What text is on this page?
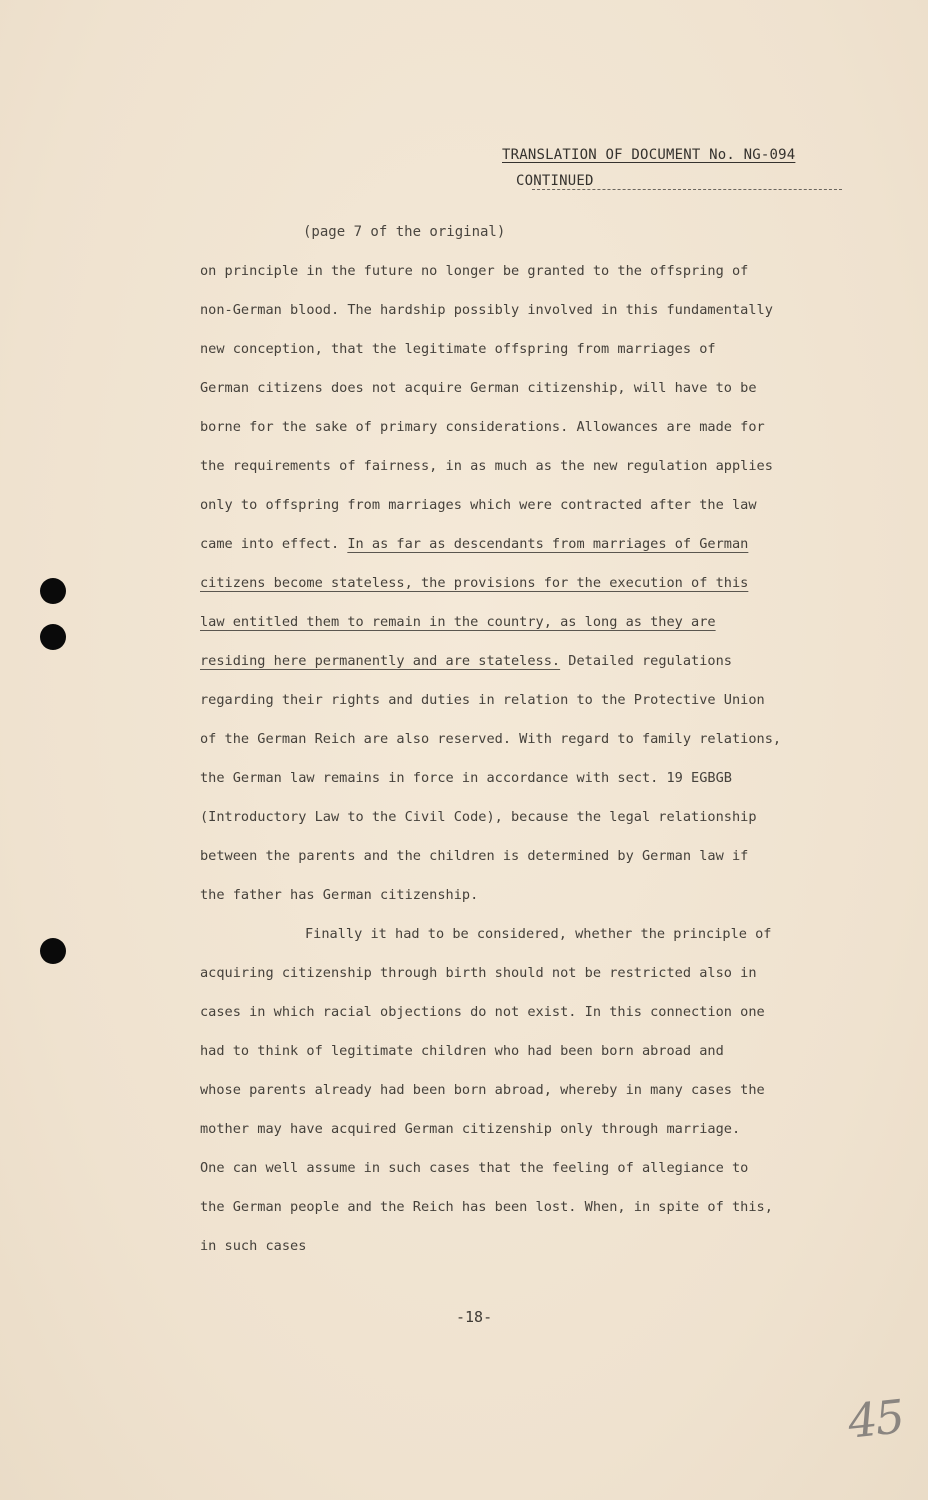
TRANSLATION OF DOCUMENT No. NG-094
CONTINUED
(page 7 of the original)
on principle in the future no longer be granted to the offspring of
non-German blood. The hardship possibly involved in this fundamentally
new conception, that the legitimate offspring from marriages of
German citizens does not acquire German citizenship, will have to be
borne for the sake of primary considerations. Allowances are made for
the requirements of fairness, in as much as the new regulation applies
only to offspring from marriages which were contracted after the law
came into effect. In as far as descendants from marriages of German
citizens become stateless, the provisions for the execution of this
law entitled them to remain in the country, as long as they are
residing here permanently and are stateless. Detailed regulations
regarding their rights and duties in relation to the Protective Union
of the German Reich are also reserved. With regard to family relations,
the German law remains in force in accordance with sect. 19 EGBGB
(Introductory Law to the Civil Code), because the legal relationship
between the parents and the children is determined by German law if
the father has German citizenship.
Finally it had to be considered, whether the principle of
acquiring citizenship through birth should not be restricted also in
cases in which racial objections do not exist. In this connection one
had to think of legitimate children who had been born abroad and
whose parents already had been born abroad, whereby in many cases the
mother may have acquired German citizenship only through marriage.
One can well assume in such cases that the feeling of allegiance to
the German people and the Reich has been lost. When, in spite of this,
in such cases
-18-
45
